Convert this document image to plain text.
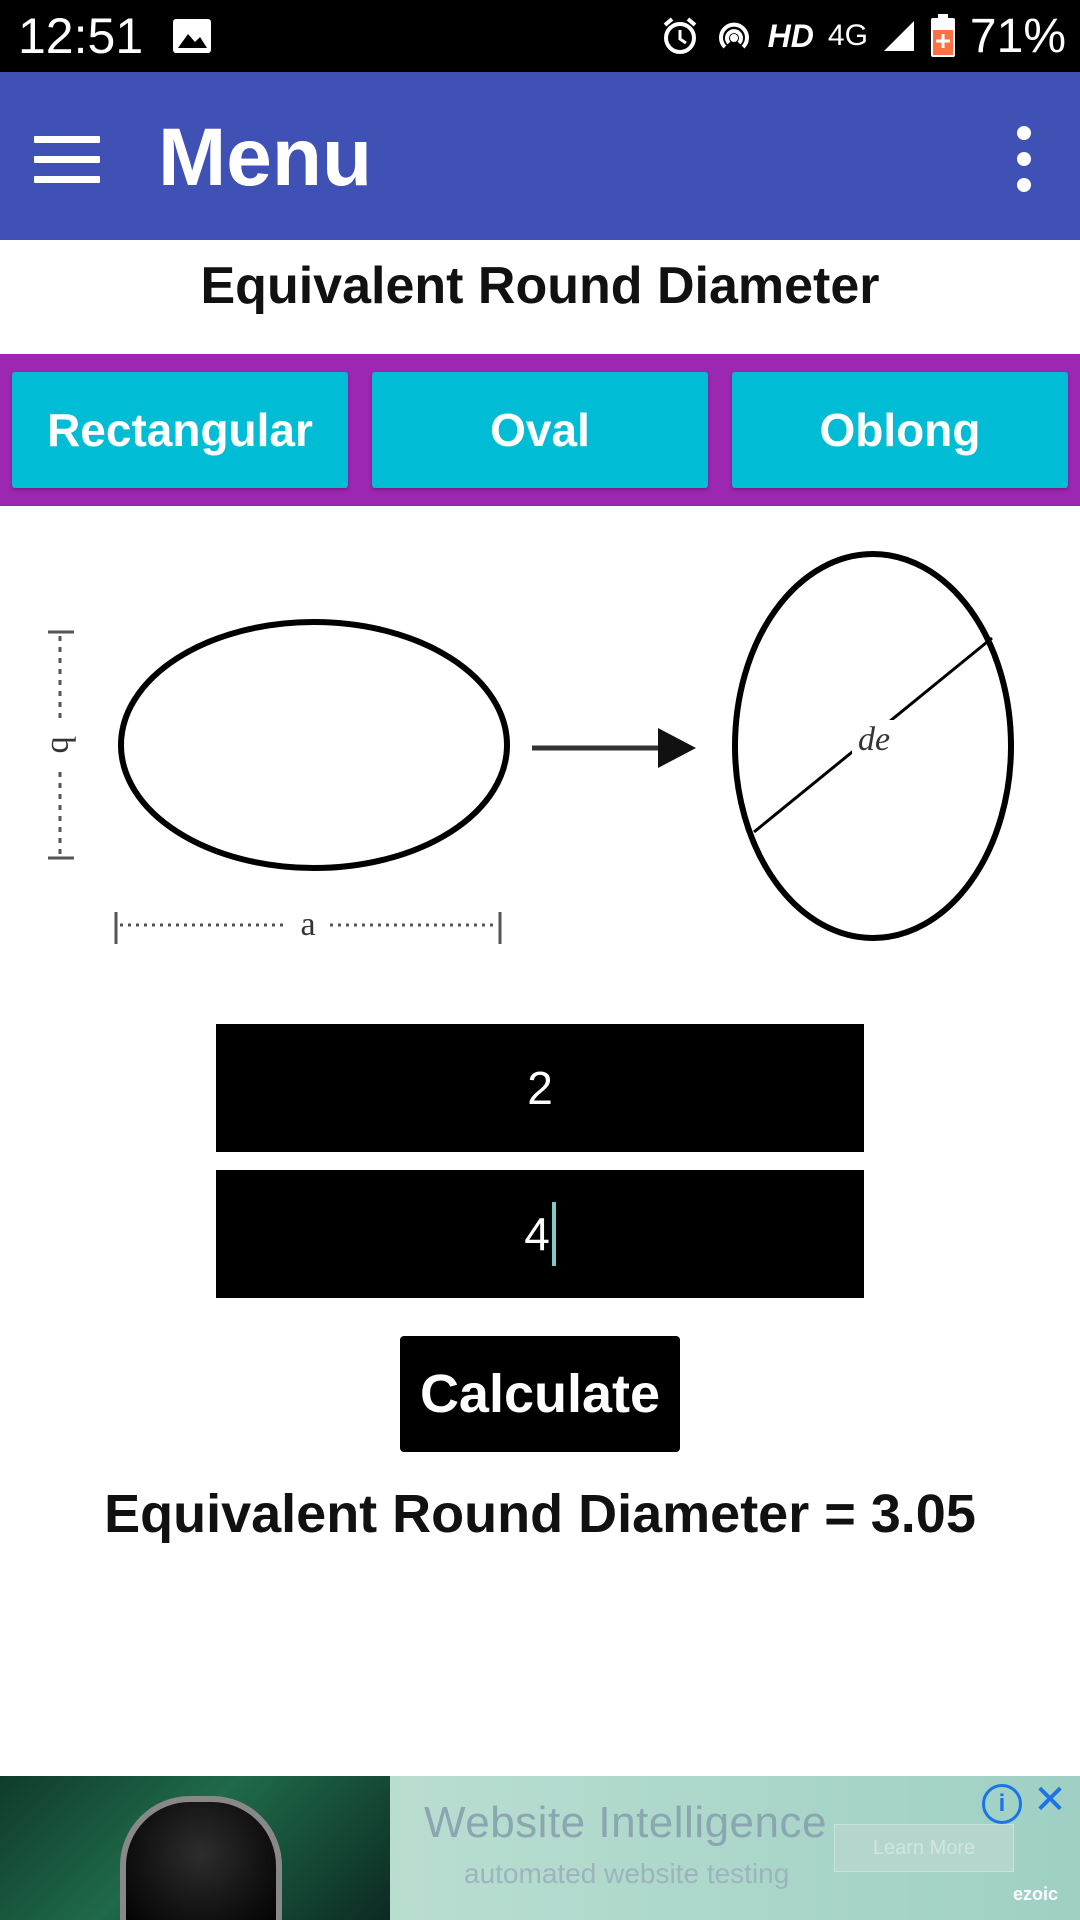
12:51	HD 4G 71%
Menu
Equivalent Round Diameter
Rectangular	Oval	Oblong
b
a
de
2
4
Calculate
Equivalent Round Diameter = 3.05
Website Intelligence
automated website testing
Learn More
i ✕
ezoic
